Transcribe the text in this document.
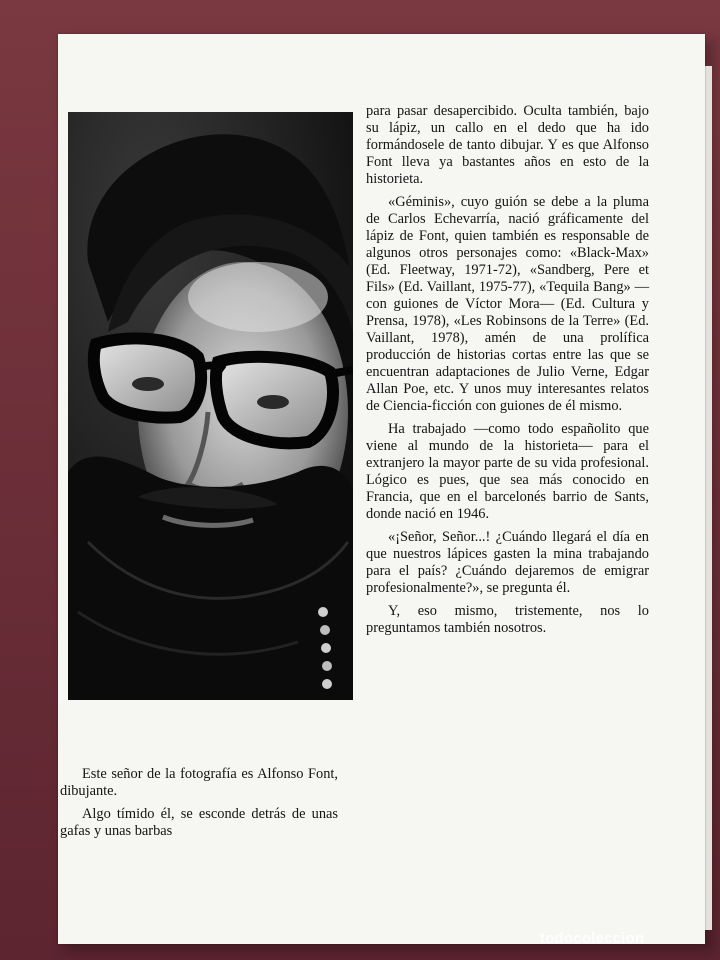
para pasar desapercibido. Oculta también, bajo su lápiz, un callo en el dedo que ha ido formándosele de tanto dibujar. Y es que Alfonso Font lleva ya bastantes años en esto de la historieta.

«Géminis», cuyo guión se debe a la pluma de Carlos Echevarría, nació gráficamente del lápiz de Font, quien también es responsable de algunos otros personajes como: «Black-Max» (Ed. Fleetway, 1971-72), «Sandberg, Pere et Fils» (Ed. Vaillant, 1975-77), «Tequila Bang» —con guiones de Víctor Mora— (Ed. Cultura y Prensa, 1978), «Les Robinsons de la Terre» (Ed. Vaillant, 1978), amén de una prolífica producción de historias cortas entre las que se encuentran adaptaciones de Julio Verne, Edgar Allan Poe, etc. Y unos muy interesantes relatos de Ciencia-ficción con guiones de él mismo.

Ha trabajado —como todo españolito que viene al mundo de la historieta— para el extranjero la mayor parte de su vida profesional. Lógico es pues, que sea más conocido en Francia, que en el barcelonés barrio de Sants, donde nació en 1946.

«¡Señor, Señor...! ¿Cuándo llegará el día en que nuestros lápices gasten la mina trabajando para el país? ¿Cuándo dejaremos de emigrar profesionalmente?», se pregunta él.

Y, eso mismo, tristemente, nos lo preguntamos también nosotros.

Este señor de la fotografía es Alfonso Font, dibujante.

Algo tímido él, se esconde detrás de unas gafas y unas barbas

todocoleccion
